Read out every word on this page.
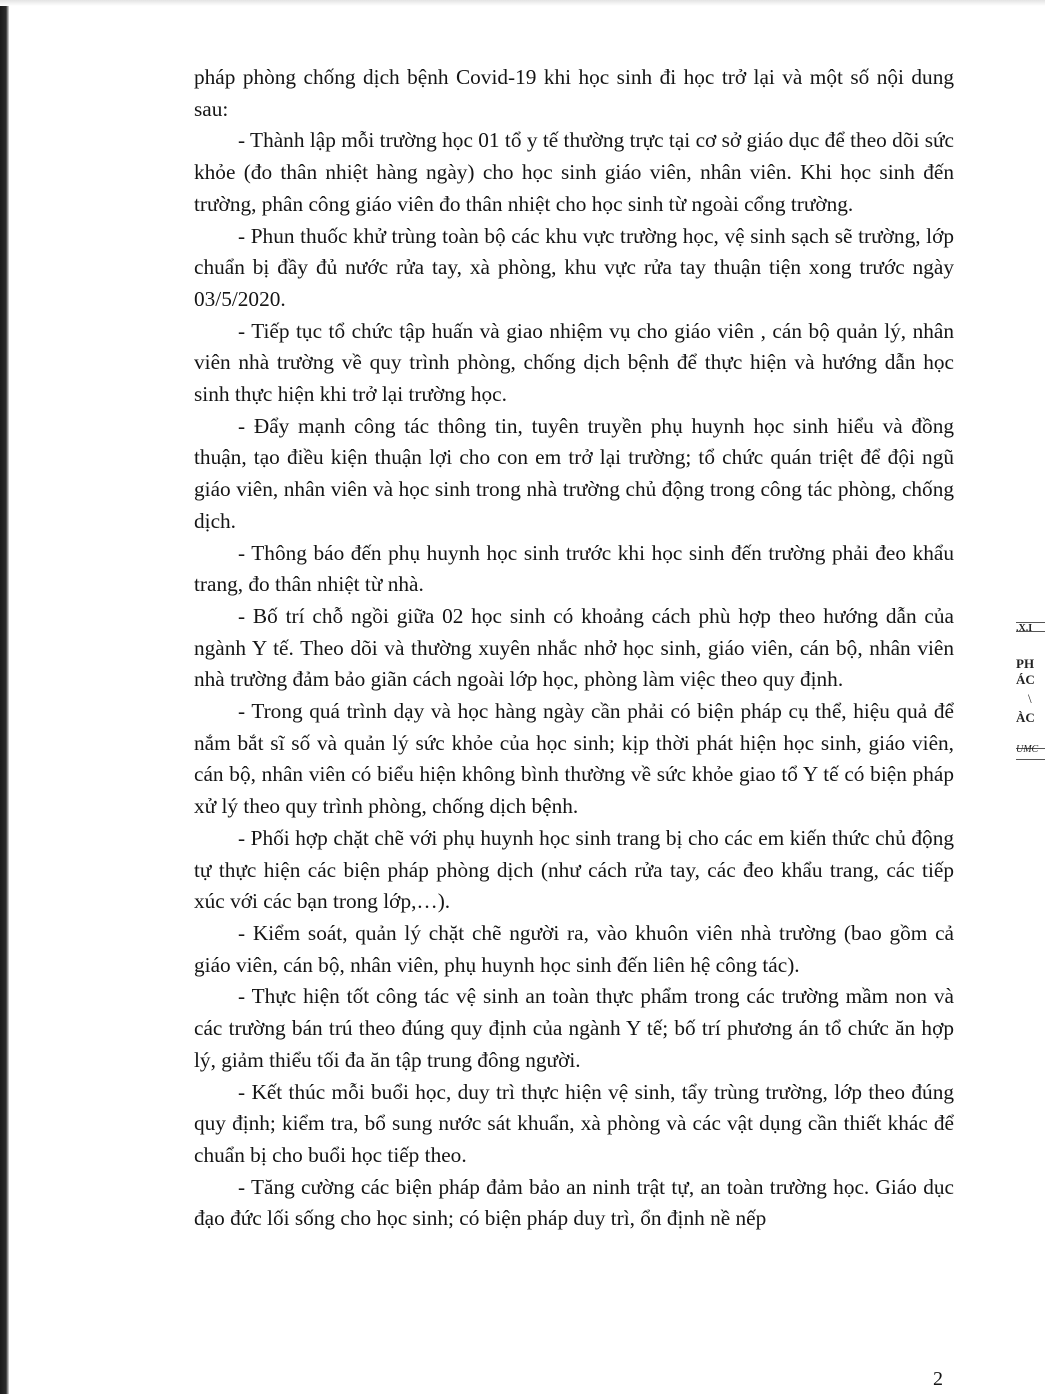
pháp phòng chống dịch bệnh Covid-19 khi học sinh đi học trở lại và một số nội dung sau:

- Thành lập mỗi trường học 01 tổ y tế thường trực tại cơ sở giáo dục để theo dõi sức khỏe (đo thân nhiệt hàng ngày) cho học sinh giáo viên, nhân viên. Khi học sinh đến trường, phân công giáo viên đo thân nhiệt cho học sinh từ ngoài cổng trường.

- Phun thuốc khử trùng toàn bộ các khu vực trường học, vệ sinh sạch sẽ trường, lớp chuẩn bị đầy đủ nước rửa tay, xà phòng, khu vực rửa tay thuận tiện xong trước ngày 03/5/2020.

- Tiếp tục tổ chức tập huấn và giao nhiệm vụ cho giáo viên , cán bộ quản lý, nhân viên nhà trường về quy trình phòng, chống dịch bệnh để thực hiện và hướng dẫn học sinh thực hiện khi trở lại trường học.

- Đẩy mạnh công tác thông tin, tuyên truyền phụ huynh học sinh hiểu và đồng thuận, tạo điều kiện thuận lợi cho con em trở lại trường; tổ chức quán triệt để đội ngũ giáo viên, nhân viên và học sinh trong nhà trường chủ động trong công tác phòng, chống dịch.

- Thông báo đến phụ huynh học sinh trước khi học sinh đến trường phải đeo khẩu trang, đo thân nhiệt từ nhà.

- Bố trí chỗ ngồi giữa 02 học sinh có khoảng cách phù hợp theo hướng dẫn của ngành Y tế. Theo dõi và thường xuyên nhắc nhở học sinh, giáo viên, cán bộ, nhân viên nhà trường đảm bảo giãn cách ngoài lớp học, phòng làm việc theo quy định.

- Trong quá trình dạy và học hàng ngày cần phải có biện pháp cụ thể, hiệu quả để nắm bắt sĩ số và quản lý sức khỏe của học sinh; kịp thời phát hiện học sinh, giáo viên, cán bộ, nhân viên có biểu hiện không bình thường về sức khỏe giao tổ Y tế có biện pháp xử lý theo quy trình phòng, chống dịch bệnh.

- Phối hợp chặt chẽ với phụ huynh học sinh trang bị cho các em kiến thức chủ động tự thực hiện các biện pháp phòng dịch (như cách rửa tay, các đeo khẩu trang, các tiếp xúc với các bạn trong lớp,…).

- Kiểm soát, quản lý chặt chẽ người ra, vào khuôn viên nhà trường (bao gồm cả giáo viên, cán bộ, nhân viên, phụ huynh học sinh đến liên hệ công tác).

- Thực hiện tốt công tác vệ sinh an toàn thực phẩm trong các trường mầm non và các trường bán trú theo đúng quy định của ngành Y tế; bố trí phương án tổ chức ăn hợp lý, giảm thiểu tối đa ăn tập trung đông người.

- Kết thúc mỗi buổi học, duy trì thực hiện vệ sinh, tẩy trùng trường, lớp theo đúng quy định; kiểm tra, bổ sung nước sát khuẩn, xà phòng và các vật dụng cần thiết khác để chuẩn bị cho buổi học tiếp theo.

- Tăng cường các biện pháp đảm bảo an ninh trật tự, an toàn trường học. Giáo dục đạo đức lối sống cho học sinh; có biện pháp duy trì, ổn định nề nếp

.X.I
PH
ÁC
\
ÀC
UMC
2
